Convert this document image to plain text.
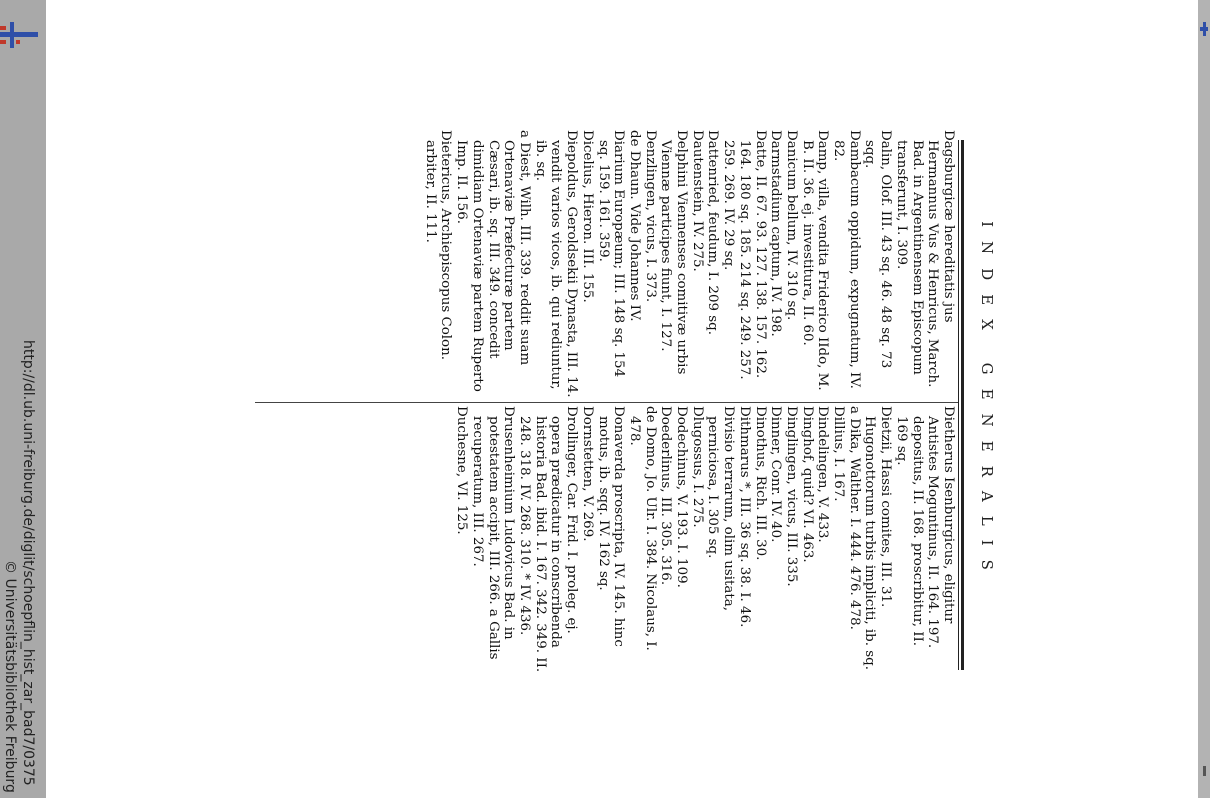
http://dl.ub.uni-freiburg.de/diglit/schoepflin_hist_zar_bad7/0375
© Universitätsbibliothek Freiburg
INDEX GENERALIS

Dagsburgicæ hereditatis jus Hermannus Vus & Henricus, March. Bad. in Argentinensem Episcopum transferunt, I. 309.

Dalin, Olof. III. 43 sq. 46. 48 sq. 73 sqq.

Dambacum oppidum, expugnatum, IV. 82.

Damp, villa, vendita Friderico IIdo, M. B. II. 36. ej. investitura, II. 60.

Danicum bellum, IV. 310 sq.

Darmstadium captum, IV. 198.

Datte, II. 67. 93. 127. 138. 157. 162. 164. 180 sq. 185. 214 sq. 249. 257. 259. 269. IV. 29 sq.

Dattenried, feudum, I. 209 sq.

Dautenstein, IV. 275.

Delphini Viennenses comitivæ urbis Viennæ participes fiunt, I. 127.

Denzlingen, vicus, I. 373.

de Dhaun. Vide Johannes IV.

Diarium Europæum; III. 148 sq. 154 sq. 159. 161. 359.

Dicelius, Hieron. III. 155.

Diepoldus, Geroldsekii Dynasta, III. 14. vendit varios vicos, ib. qui rediuntur, ib. sq.

a Diest, Wilh. III. 339. reddit suam Ortenaviæ Præfecturæ partem Cæsari, ib. sq. III. 349. concedit dimidiam Ortenaviæ partem Ruperto Imp. II. 156.

Dietericus, Archiepiscopus Colon. arbiter, II. 111.

Dietherus Isenburgicus, eligitur Antistes Moguntinus, II. 164. 197. depositus, II. 168. proscribitur, II. 169 sq.

Dietzii, Hassi comites, III. 31. Hugonottorum turbis impliciti, ib. sq.

a Dika, Walther. I. 444. 476. 478.

Dillius, I. 167.

Dindelingen, V. 433.

Dinghof, quid? VI. 463.

Dinglingen, vicus, III. 335.

Dinner, Conr. IV. 40.

Dinothus, Rich. III. 30.

Dithmarus *, III. 36 sq. 38. I. 46.

Divisio terrarum, olim usitata, perniciosa, I. 305 sq.

Dlugossus, I. 275.

Dodechinus, V. 193. I. 109.

Doederlinus, III. 305. 316.

de Domo, Jo. Ulr. I. 384. Nicolaus, I. 478.

Donaverda proscripta, IV. 145. hinc motus, ib. sqq. IV. 162 sq.

Dornstetten, V. 269.

Drollinger, Car. Frid. I. proleg. ej. opera prædicatur in conscribenda historia Bad. ibid. I. 167. 342. 349. II. 248. 318. IV. 268. 310. * IV. 436.

Drusenheimium Ludovicus Bad. in potestatem accipit, III. 266. a Gallis recuperatum, III. 267.

Duchesne, VI. 125.
